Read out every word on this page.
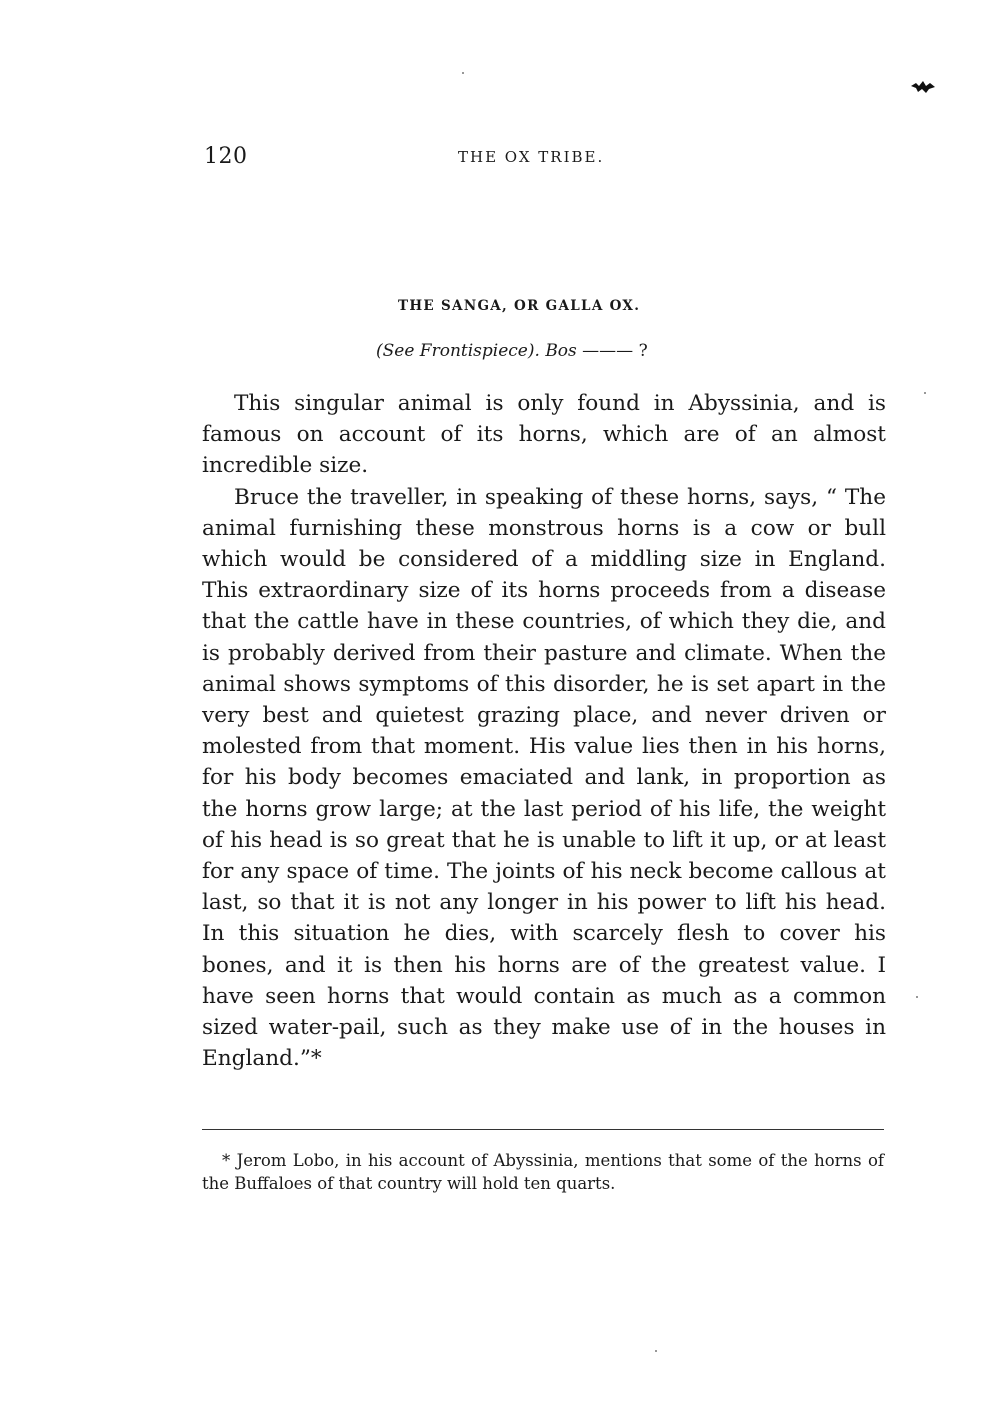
120	THE OX TRIBE.
THE SANGA, OR GALLA OX.
(See Frontispiece). Bos ——— ?

This singular animal is only found in Abyssinia, and is famous on account of its horns, which are of an almost incredible size.

Bruce the traveller, in speaking of these horns, says, “ The animal furnishing these monstrous horns is a cow or bull which would be considered of a middling size in England. This extraordinary size of its horns proceeds from a disease that the cattle have in these countries, of which they die, and is probably derived from their pasture and climate. When the animal shows symptoms of this disorder, he is set apart in the very best and quietest grazing place, and never driven or molested from that moment. His value lies then in his horns, for his body becomes emaciated and lank, in proportion as the horns grow large; at the last period of his life, the weight of his head is so great that he is unable to lift it up, or at least for any space of time. The joints of his neck become callous at last, so that it is not any longer in his power to lift his head. In this situation he dies, with scarcely flesh to cover his bones, and it is then his horns are of the greatest value. I have seen horns that would contain as much as a common sized water-pail, such as they make use of in the houses in England.”*

* Jerom Lobo, in his account of Abyssinia, mentions that some of the horns of the Buffaloes of that country will hold ten quarts.
